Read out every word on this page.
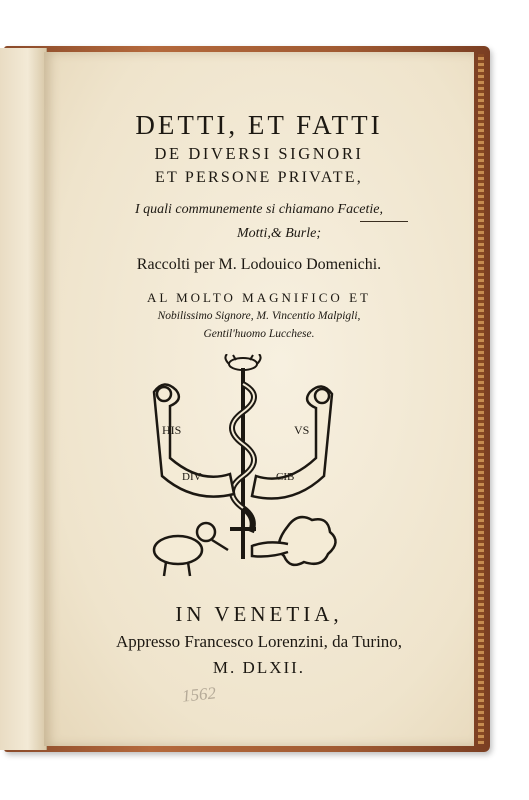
DETTI, ET FATTI
DE DIVERSI SIGNORI
ET PERSONE PRIVATE,
I quali communemente si chiamano Facetie,
Motti,& Burle;
Raccolti per M. Lodouico Domenichi.
AL MOLTO MAGNIFICO ET
Nobilissimo Signore, M. Vincentio Malpigli,
Gentil'huomo Lucchese.
HIS	VS
DIV	CIB
IN VENETIA,
Appresso Francesco Lorenzini, da Turino,
M. DLXII.
1562
